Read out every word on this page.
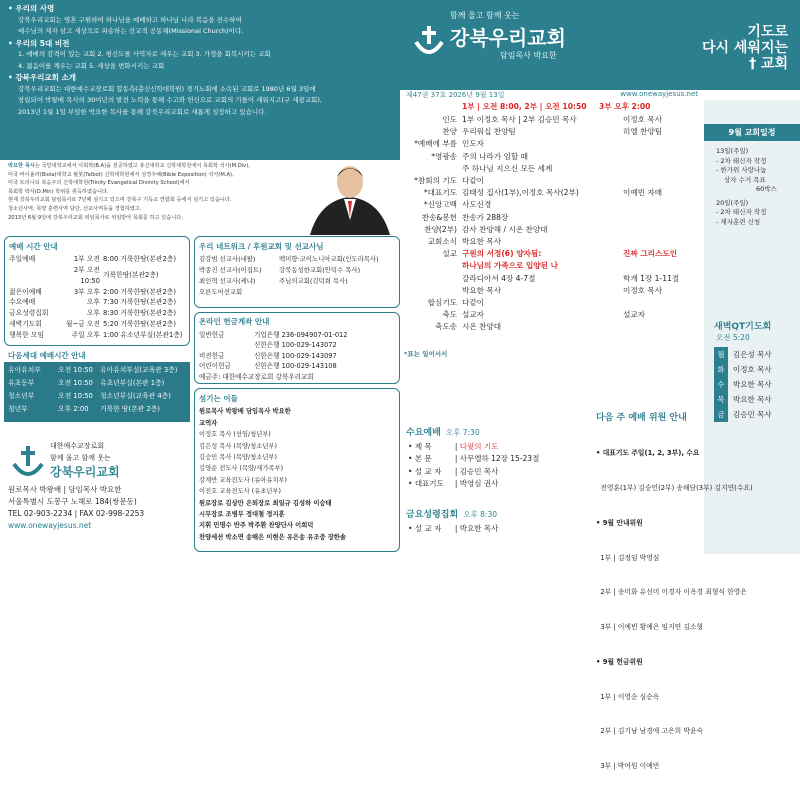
• 우리의 사명

강북우리교회는 영혼 구원하여 하나님을 예배하고 하나님 나라 복음을 전수하여

예수님의 제자 삼고 세상으로 파송하는 선교적 공동체(Missional Church)이다.

• 우리의 5대 비전

1. 예배의 감격이 있는 교회 2. 평신도를 사역자로 세우는 교회 3. 가정을 회복시키는 교회

4. 젊음이를 깨우는 교회 5. 세상을 변화시키는 교회

• 강북우리교회 소개

강북우리교회는 대한예수교장로회 합동측(총신신학대학원) 경기노회에 소속된 교회로 1980년 6월 3일에

창립되어 박왕배 목사의 30여년의 발전 노력을 통해 수고와 헌신으로 교회의 기틀이 세워지고(구 세광교회),

2013년 1월 1일 부임한 박요한 목사를 통해 강북우리교회로 새롭게 성장하고 있습니다.

함께 울고 함께 웃는
강북우리교회
담임목사 박요한
기도로
다시 세워지는
† 교회
제47권 37호 2026년 9월 13일	www.onewayjesus.net
박요한 목사는 국민대학교에서 사회학(B.A)을 전공하였고 총신대학교 신학대학원에서 목회학 석사(M.Div),
미국 바이올라(Biola)대학교 탈봇(Talbot) 신학대학원에서 성경주해(Bible Exposition) 석사(M.A),
미국 트리니티 복음주의 신학대학원(Trinity Evangelical Divinity School)에서
목회학 박사(D.Min) 학위를 취득하였습니다.
현재 강북우리교회 담임목사로 7년째 섬기고 있으며 강북구 기독교 연합회 등에서 섬기고 있습니다.
청소년사역, 목양 훈련사역 담당, 선교사역등을 경험하였고,
2013년 6월 9일에 강북우리교회 위임목사로 위임받아 목회를 하고 있습니다.
예배 시간 안내
주일예배	1부 오전	8:00 거룩한땅(본관2층)
	2부 오전10:50	거룩한땅(본관2층)
젊은이예배	3부 오후	2:00 거룩한땅(본관2층)
수요예배	오후	7:30 거룩한땅(본관2층)
금요성령집회	오후	8:30 거룩한땅(본관2층)
새벽기도회	월~금 오전	5:20 거룩한땅(본관2층)
행복한 모임	주일 오후	1:00 유소년부실(본관1층)
다음세대 예배시간 안내
유아유치부	오전 10:50	유아유치부실(교육관 3층)
유초등부	오전 10:50	유초년부실(본관 1층)
청소년부	오전 10:50	청소년부실(교육관 4층)
청년부	오후 2:00	거룩한 땅(본관 2층)
대한예수교장로회
함께 울고 함께 웃는
강북우리교회
원로목사 박왕배 | 담임목사 박요한
서울특별시 도봉구 노해로 184(쌍문동)
TEL 02-903-2234 | FAX 02-998-2253
www.onewayjesus.net
우리 네트워크 / 후원교회 및 선교사님
김강범 선교사(네팔)	백미향·코이노니아교회(인도라목사)
박종진 선교사(이집트)	강북동성한교회(안덕수 목사)
최인혁 선교사(케냐)	주님의교회(김덕희 목사)
오른도어선교회
온라인 헌금계좌 안내
일반헌금	기업은행 236-094907-01-012
신한은행 100-029-143072
비전헌금	신한은행 100-029-143097
어린이헌금	신한은행 100-029-143108
예금주: 대한예수교장로회 강북우리교회
섬기는 이들
원로목사 박왕배 담임목사 박요한
교역자
이정호 목사 (선임/청년부)
김은성 목사 (목양/청소년부)
김승민 목사 (목양/청소년부)
김영순 전도사 (목양/새가족부)
강계반 교육전도사 (유아유치부)
이진호 교육전도사 (유초년부)
원로장로 김상만 은퇴장로 최일규 김성하 이승태
시무장로 조병무 정대철 정지훈
지휘 민명수 반주 박주환 찬양단사 이희덕
찬양세션 박소연 송해은 이현은 유은송 유조중 장한솔
1부 | 오전 8:00, 2부 | 오전 10:50 3부 오후 2:00
인도	1부 이정호 목사 | 2부 김승민 목사	이정호 목사
찬양	우리워십 찬양팀	히엘 찬양팀
*예배에 부름	인도자	
*영광송	주의 나라가 임할 때	
	주 하나님 지으신 모든 세계	
*참회의 기도	다같이	
*대표기도	김태성 집사(1부),이정호 목사(2부)	이예빈 자매
*신앙고백	사도신경	
찬송&봉헌	찬송가 288장	
찬양(2부)	감사 찬양해 / 시온 찬양대	
교회소식	박요한 목사	
설교	구원의 서정(6) 양자됨:	진짜 그리스도인
	하나님의 가족으로 입양된 나	
	갈라디아서 4장 4-7절	학개 1장 1-11절
	박요한 목사	이정호 목사
합심기도	다같이	
축도	설교자	설교자
축도송	시온 찬양대	
*표는 일어서서
9월 교회일정
13일(주일)
- 2차 태신자 작정
- 한가위 사랑나눔
상자 수거 목표
60박스
20일(주일)
- 2차 태신자 작정
- 제자훈련 신청
새벽QT기도회
오전 5:20
월	김은성 목사
화	이정호 목사
수	박요한 목사
목	박요한 목사
금	김승민 목사
수요예배 오후 7:30
• 제 목	| 다윗의 기도
• 본 문	| 사무엘하 12장 15-23절
• 설 교 자 | 김승민 목사
• 대표기도 | 박영심 권사
금요성령집회 오후 8:30
• 설 교 자 | 박요한 목사
다음 주 예배 위원 안내

• 대표기도 주일(1, 2, 3부), 수요

전영훈(1부) 김승민(2부) 송해담(3부) 김지연(수요)

• 9월 안내위원

1부 | 김정임 박영심

2부 | 송미화 유선미 이경자 이옥경 최형식 한영은

3부 | 이예빈 황예은 임지연 김소형

• 9월 헌금위원

1부 | 이영순 심순옥

2부 | 김기남 남경애 고은희 박윤숙

3부 | 박여원 이예빈
